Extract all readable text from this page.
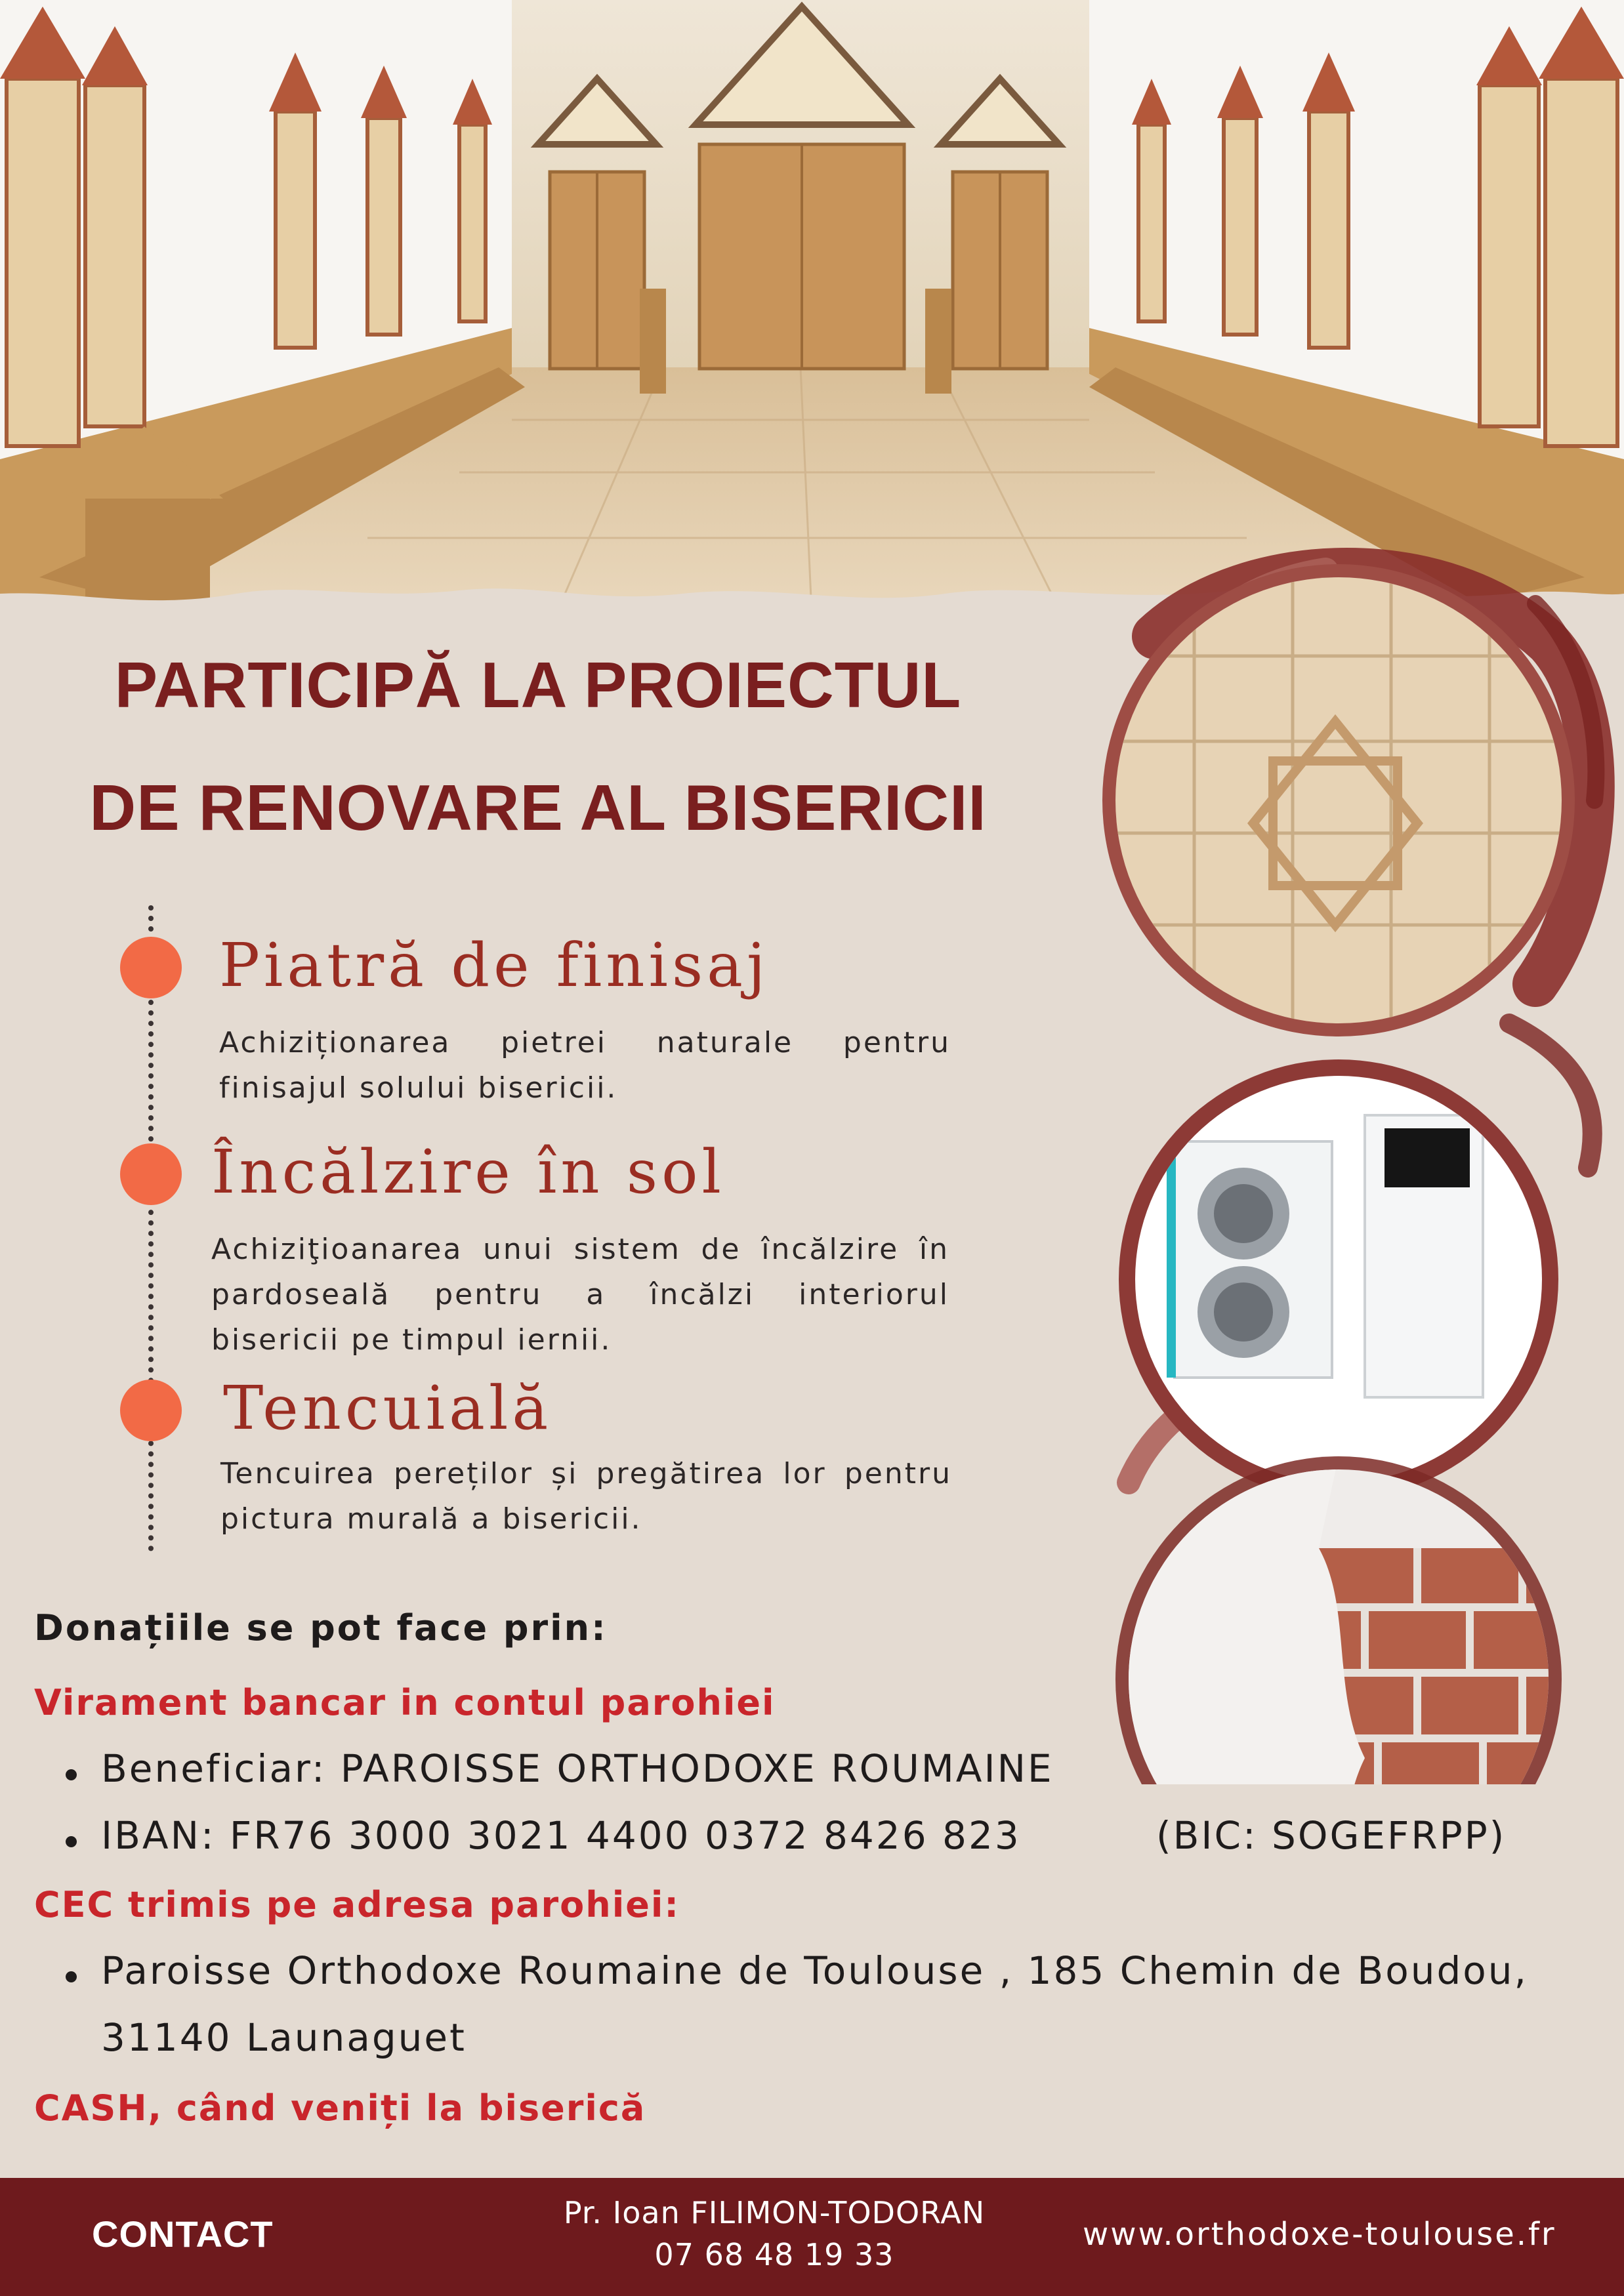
PARTICIPĂ LA PROIECTUL
DE RENOVARE AL BISERICII
Piatră de finisaj

Achiziționarea pietrei naturale pentru finisajul solului bisericii.

Încălzire în sol

Achiziţioanarea unui sistem de încălzire în pardoseală pentru a încălzi interiorul bisericii pe timpul iernii.

Tencuială

Tencuirea pereților și pregătirea lor pentru pictura murală a bisericii.

Donațiile se pot face prin:

Virament bancar in contul parohiei

Beneficiar: PAROISSE ORTHODOXE ROUMAINE

IBAN: FR76 3000 3021 4400 0372 8426 823	(BIC: SOGEFRPP)

CEC trimis pe adresa parohiei:

Paroisse Orthodoxe Roumaine de Toulouse , 185 Chemin de Boudou,

31140 Launaguet

CASH, când veniți la biserică

CONTACT

Pr. Ioan FILIMON-TODORAN

07 68 48 19 33

www.orthodoxe-toulouse.fr
